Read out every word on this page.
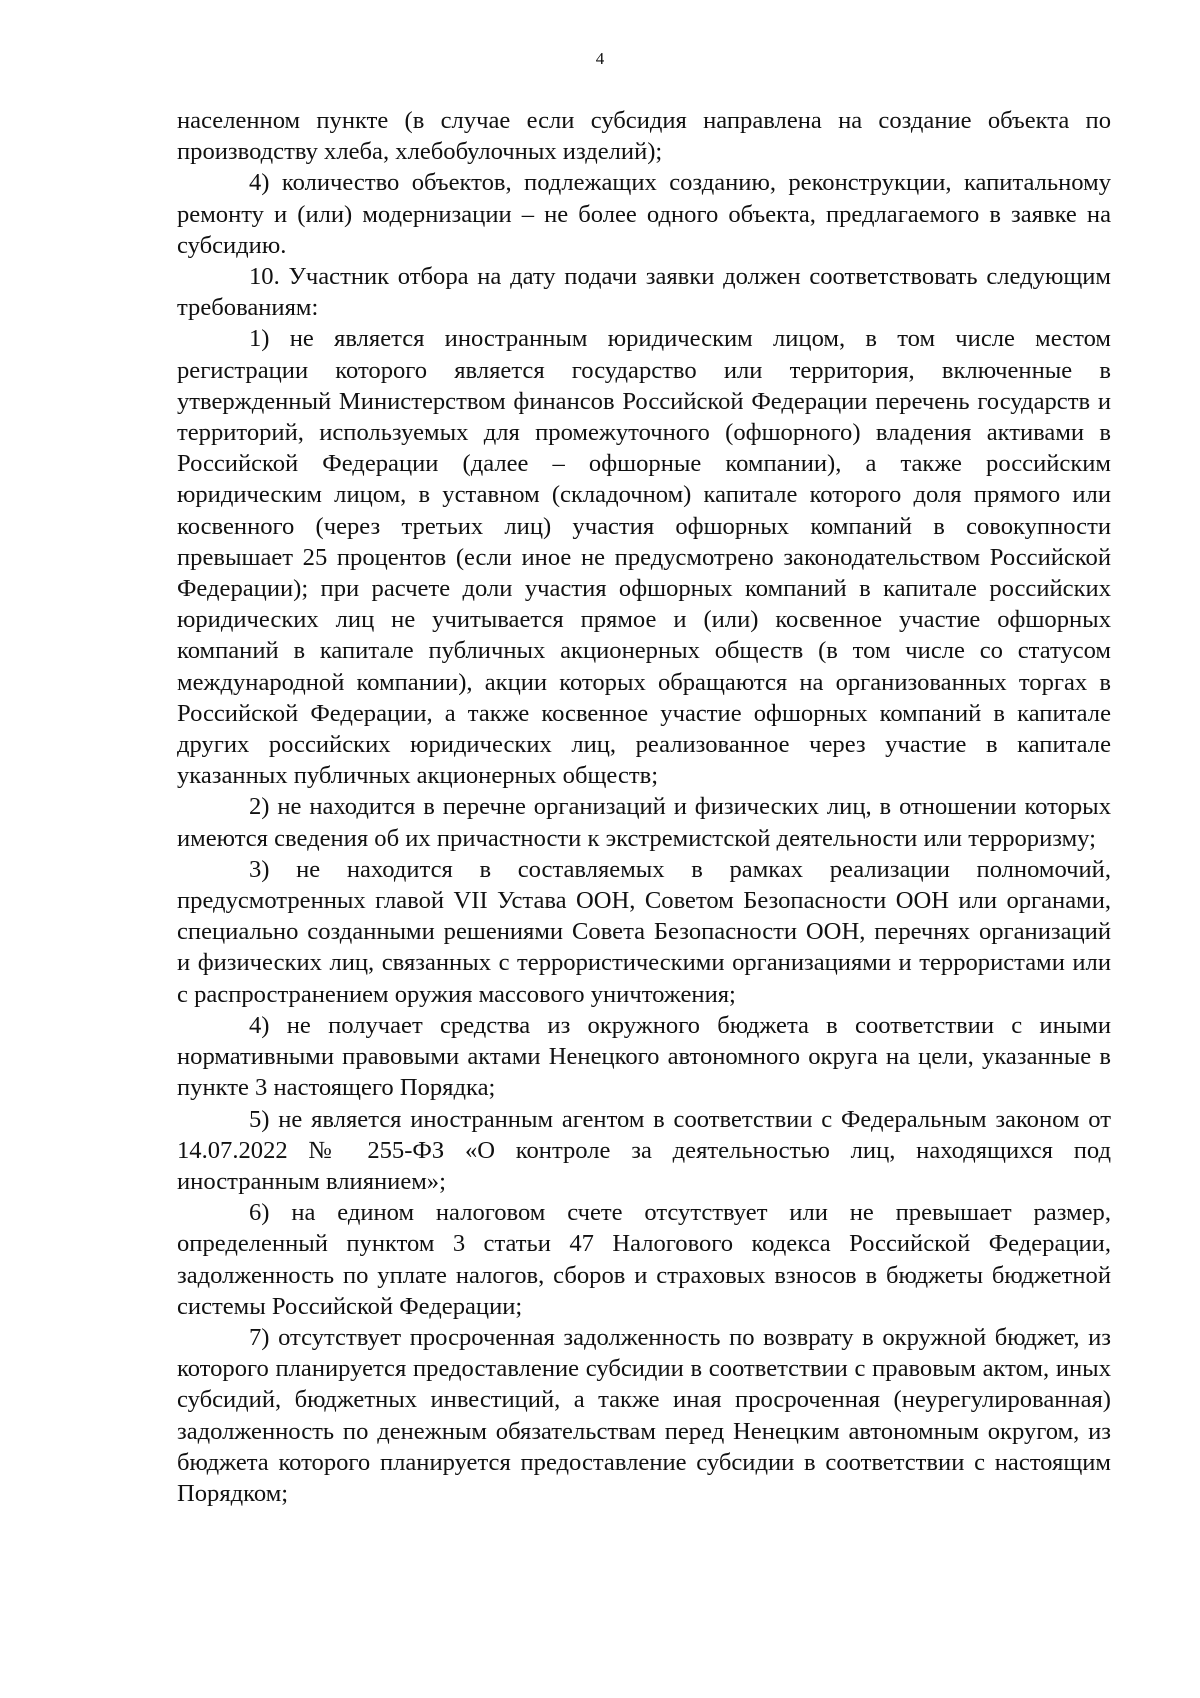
4

населенном пункте (в случае если субсидия направлена на создание объекта по производству хлеба, хлебобулочных изделий);

4) количество объектов, подлежащих созданию, реконструкции, капитальному ремонту и (или) модернизации – не более одного объекта, предлагаемого в заявке на субсидию.

10. Участник отбора на дату подачи заявки должен соответствовать следующим требованиям:

1) не является иностранным юридическим лицом, в том числе местом регистрации которого является государство или территория, включенные в утвержденный Министерством финансов Российской Федерации перечень государств и территорий, используемых для промежуточного (офшорного) владения активами в Российской Федерации (далее – офшорные компании), а также российским юридическим лицом, в уставном (складочном) капитале которого доля прямого или косвенного (через третьих лиц) участия офшорных компаний в совокупности превышает 25 процентов (если иное не предусмотрено законодательством Российской Федерации); при расчете доли участия офшорных компаний в капитале российских юридических лиц не учитывается прямое и (или) косвенное участие офшорных компаний в капитале публичных акционерных обществ (в том числе со статусом международной компании), акции которых обращаются на организованных торгах в Российской Федерации, а также косвенное участие офшорных компаний в капитале других российских юридических лиц, реализованное через участие в капитале указанных публичных акционерных обществ;

2) не находится в перечне организаций и физических лиц, в отношении которых имеются сведения об их причастности к экстремистской деятельности или терроризму;

3) не находится в составляемых в рамках реализации полномочий, предусмотренных главой VII Устава ООН, Советом Безопасности ООН или органами, специально созданными решениями Совета Безопасности ООН, перечнях организаций и физических лиц, связанных с террористическими организациями и террористами или с распространением оружия массового уничтожения;

4) не получает средства из окружного бюджета в соответствии с иными нормативными правовыми актами Ненецкого автономного округа на цели, указанные в пункте 3 настоящего Порядка;

5) не является иностранным агентом в соответствии с Федеральным законом от 14.07.2022 № 255-ФЗ «О контроле за деятельностью лиц, находящихся под иностранным влиянием»;

6) на едином налоговом счете отсутствует или не превышает размер, определенный пунктом 3 статьи 47 Налогового кодекса Российской Федерации, задолженность по уплате налогов, сборов и страховых взносов в бюджеты бюджетной системы Российской Федерации;

7) отсутствует просроченная задолженность по возврату в окружной бюджет, из которого планируется предоставление субсидии в соответствии с правовым актом, иных субсидий, бюджетных инвестиций, а также иная просроченная (неурегулированная) задолженность по денежным обязательствам перед Ненецким автономным округом, из бюджета которого планируется предоставление субсидии в соответствии с настоящим Порядком;
